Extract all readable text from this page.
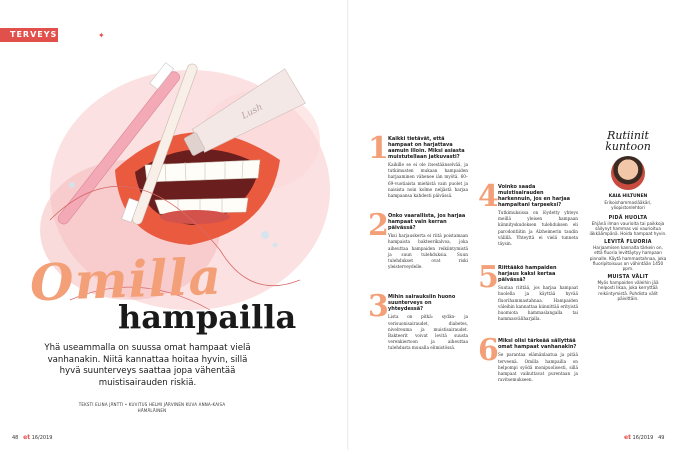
TERVEYS
Lush
✦
Omilla
hampailla
Yhä useammalla on suussa omat hampaat vielä vanhanakin. Niitä kannattaa hoitaa hyvin, sillä hyvä suunterveys saattaa jopa vähentää muistisairauden riskiä.
TEKSTI ELINA JÄNTTI • KUVITUS HELMI JÄRVINEN KUVA ANNA-KAISA HÄMÄLÄINEN
48 et 16/2019
1 Kaikki tietävät, että hampaat on harjattava aamuin illoin. Miksi asiasta muistutellaan jatkuvasti?
Kaikille se ei ole itsestäänselvää, ja tutkimusten mukaan hampaiden harjaaminen vähenee iän myötä. 60–69-vuotiaista miehistä vain puolet ja naisista noin kolme neljästä harjaa hampaansa kahdesti päivässä.
2 Onko vaarallista, jos harjaa hampaat vain kerran päivässä?
Yksi harjauskerta ei riitä poistamaan hampaista bakteerikalvoa, joka aiheuttaa hampaiden reikiintymistä ja suun tulehduksia. Suun tulehdukset ovat riski yleisterveydelle.
3 Mihin sairauksiin huono suunterveys on yhteydessä?
Lista on pitkä: sydän- ja verisuonisairaudet, diabetes, nivelreuma ja muistisairaudet. Bakteerit voivat levitä suusta verenkiertoon ja aiheuttaa tulehdusta muualla elimistössä.
4 Voinko saada muistisairauden harkennuin, jos en harjaa hampaitani tarpeeksi?
Tutkimuksissa on löydetty yhteys meillä yleisen hampaan kiinnityskudoksen tulehduksen eli parodontiitin ja Alzheimerin taudin välillä. Yhteyttä ei vielä tunneta täysin.
5 Riittääkö hampaiden harjaus kaksi kertaa päivässä?
Suutaa riittää, jos harjaa hampaat huolella ja käyttää hyvää fluorihammastahnaa. Hampaiden väleihin kannattaa kiinnittää erityistä huomiota hammaslangalla tai hammasväliharjalla.
6 Miksi olisi tärkeää säilyttää omat hampaat vanhanakin?
Se parantaa elämänlaatua ja pitää terveenä. Omilla hampailla on helpompi syödä monipuolisesti, sillä hampaat vaikuttavat purentaan ja ravitsemukseen.
Rutiinit kuntoon
KAIA HILTUNEN
Erikoishammaslääkäri, yliopistonlehtori
PIDÄ HUOLTA
Ehjänä ilman vaurioita tai paikkoja säilynyt hammas voi vaurioitua iäkkäämpänä. Hoida hampaat hyvin.
LEVITÄ FLUORIA
Harjaamisen kannalta tärkein on, että fluoria levittäytyy hampaan pinnalle. Käytä hammastahnaa, joka fluoripitoisuus on vähintään 1450 ppm.
MUISTA VÄLIT
Myös hampaiden väleihin jää helposti likaa, joka kerryttää reikiintymistä. Puhdista välit päivittäin.
et 16/2019 49
